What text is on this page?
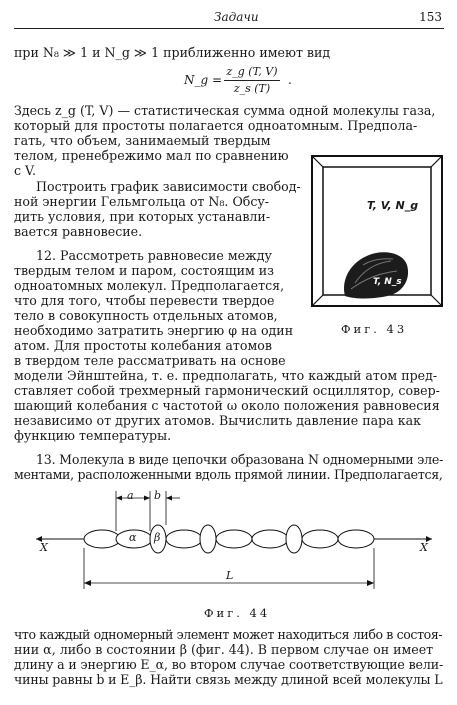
Задачи	153

при N₈ ≫ 1 и N_g ≫ 1 приближенно имеют вид

N_g =
z_g (T, V)
z_s (T)
.

Здесь z_g (T, V) — статистическая сумма одной молекулы газа,

который для простоты полагается одноатомным. Предпола-

гать, что объем, занимаемый твердым

телом, пренебрежимо мал по сравнению

с V.

Построить график зависимости свобод-

ной энергии Гельмгольца от N₈. Обсу-

дить условия, при которых устанавли-

вается равновесие.

12. Рассмотреть равновесие между

твердым телом и паром, состоящим из

одноатомных молекул. Предполагается,

что для того, чтобы перевести твердое

тело в совокупность отдельных атомов,

необходимо затратить энергию φ на один

атом. Для простоты колебания атомов

в твердом теле рассматривать на основе

модели Эйнштейна, т. е. предполагать, что каждый атом пред-

ставляет собой трехмерный гармонический осциллятор, совер-

шающий колебания с частотой ω около положения равновесия

независимо от других атомов. Вычислить давление пара как

функцию температуры.

13. Молекула в виде цепочки образована N одномерными эле-

ментами, расположенными вдоль прямой линии. Предполагается,

T, V, N_g
T, N_s
Фиг. 43
a b
α β
X	X
L
Фиг. 44

что каждый одномерный элемент может находиться либо в состоя-

нии α, либо в состоянии β (фиг. 44). В первом случае он имеет

длину a и энергию E_α, во втором случае соответствующие вели-

чины равны b и E_β. Найти связь между длиной всей молекулы L
